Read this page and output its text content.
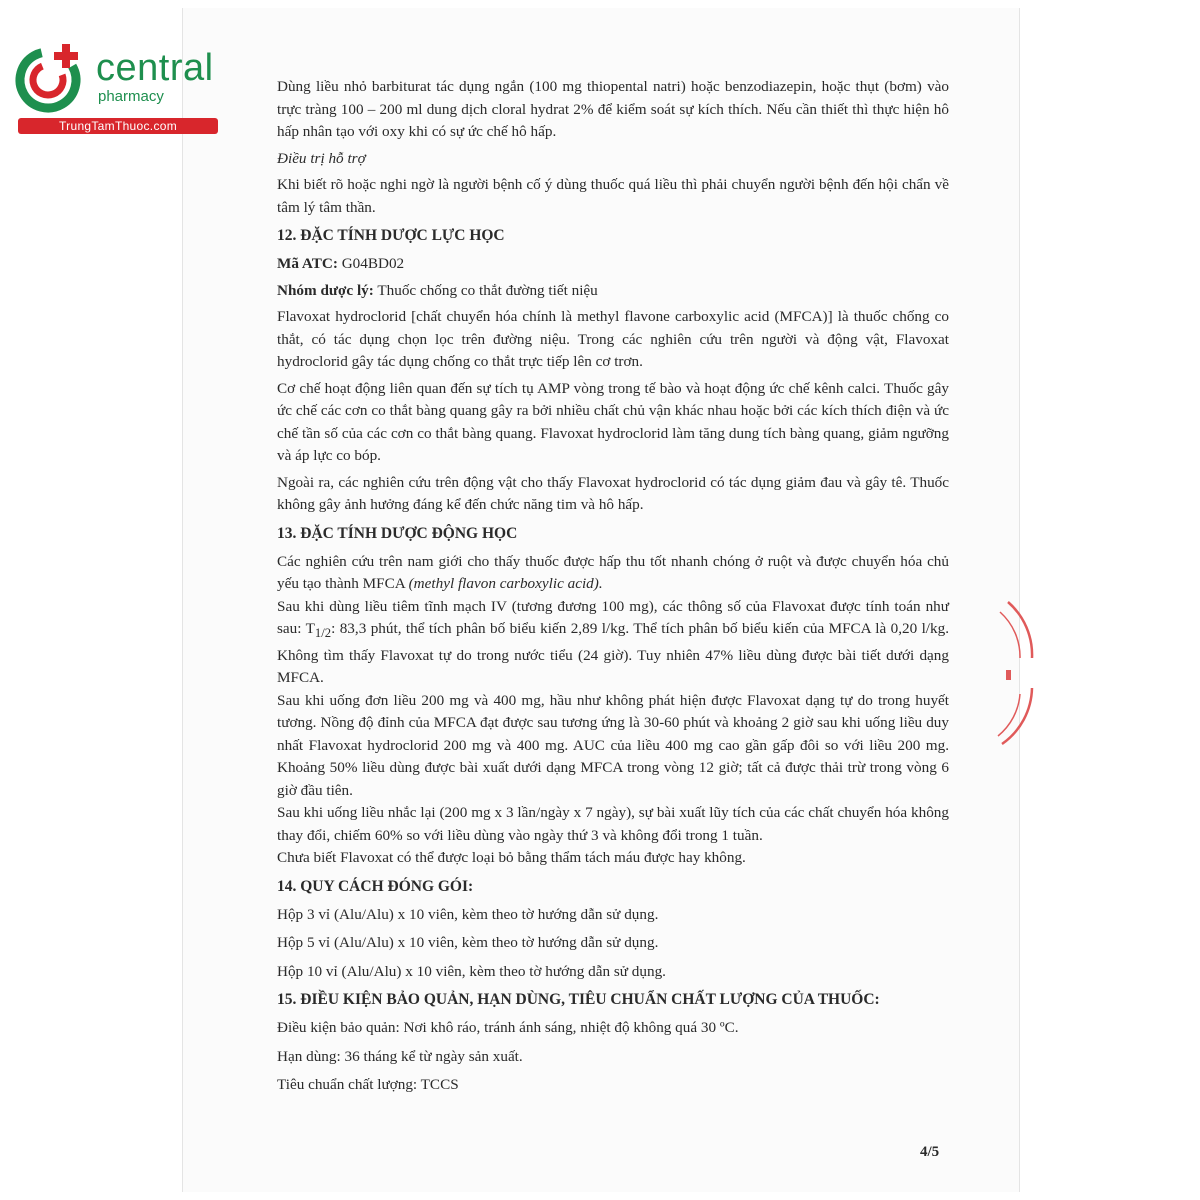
central
pharmacy
TrungTamThuoc.com

Dùng liều nhỏ barbiturat tác dụng ngắn (100 mg thiopental natri) hoặc benzodiazepin, hoặc thụt (bơm) vào trực tràng 100 – 200 ml dung dịch cloral hydrat 2% để kiểm soát sự kích thích. Nếu cần thiết thì thực hiện hô hấp nhân tạo với oxy khi có sự ức chế hô hấp.

Điều trị hỗ trợ

Khi biết rõ hoặc nghi ngờ là người bệnh cố ý dùng thuốc quá liều thì phải chuyển người bệnh đến hội chẩn về tâm lý tâm thần.

12. ĐẶC TÍNH DƯỢC LỰC HỌC

Mã ATC: G04BD02

Nhóm dược lý: Thuốc chống co thắt đường tiết niệu

Flavoxat hydroclorid [chất chuyển hóa chính là methyl flavone carboxylic acid (MFCA)] là thuốc chống co thắt, có tác dụng chọn lọc trên đường niệu. Trong các nghiên cứu trên người và động vật, Flavoxat hydroclorid gây tác dụng chống co thắt trực tiếp lên cơ trơn.

Cơ chế hoạt động liên quan đến sự tích tụ AMP vòng trong tế bào và hoạt động ức chế kênh calci. Thuốc gây ức chế các cơn co thắt bàng quang gây ra bởi nhiều chất chủ vận khác nhau hoặc bởi các kích thích điện và ức chế tần số của các cơn co thắt bàng quang. Flavoxat hydroclorid làm tăng dung tích bàng quang, giảm ngưỡng và áp lực co bóp.

Ngoài ra, các nghiên cứu trên động vật cho thấy Flavoxat hydroclorid có tác dụng giảm đau và gây tê. Thuốc không gây ảnh hưởng đáng kể đến chức năng tim và hô hấp.

13. ĐẶC TÍNH DƯỢC ĐỘNG HỌC

Các nghiên cứu trên nam giới cho thấy thuốc được hấp thu tốt nhanh chóng ở ruột và được chuyển hóa chủ yếu tạo thành MFCA (methyl flavon carboxylic acid).

Sau khi dùng liều tiêm tĩnh mạch IV (tương đương 100 mg), các thông số của Flavoxat được tính toán như sau: $T_{1/2}$: 83,3 phút, thể tích phân bố biểu kiến 2,89 l/kg. Thể tích phân bố biểu kiến của MFCA là 0,20 l/kg. Không tìm thấy Flavoxat tự do trong nước tiểu (24 giờ). Tuy nhiên 47% liều dùng được bài tiết dưới dạng MFCA.

Sau khi uống đơn liều 200 mg và 400 mg, hầu như không phát hiện được Flavoxat dạng tự do trong huyết tương. Nồng độ đỉnh của MFCA đạt được sau tương ứng là 30-60 phút và khoảng 2 giờ sau khi uống liều duy nhất Flavoxat hydroclorid 200 mg và 400 mg. AUC của liều 400 mg cao gần gấp đôi so với liều 200 mg. Khoảng 50% liều dùng được bài xuất dưới dạng MFCA trong vòng 12 giờ; tất cả được thải trừ trong vòng 6 giờ đầu tiên.

Sau khi uống liều nhắc lại (200 mg x 3 lần/ngày x 7 ngày), sự bài xuất lũy tích của các chất chuyển hóa không thay đổi, chiếm 60% so với liều dùng vào ngày thứ 3 và không đổi trong 1 tuần.

Chưa biết Flavoxat có thể được loại bỏ bằng thẩm tách máu được hay không.

14. QUY CÁCH ĐÓNG GÓI:

Hộp 3 vỉ (Alu/Alu) x 10 viên, kèm theo tờ hướng dẫn sử dụng.

Hộp 5 vỉ (Alu/Alu) x 10 viên, kèm theo tờ hướng dẫn sử dụng.

Hộp 10 vỉ (Alu/Alu) x 10 viên, kèm theo tờ hướng dẫn sử dụng.

15. ĐIỀU KIỆN BẢO QUẢN, HẠN DÙNG, TIÊU CHUẨN CHẤT LƯỢNG CỦA THUỐC:

Điều kiện bảo quản: Nơi khô ráo, tránh ánh sáng, nhiệt độ không quá 30 ºC.

Hạn dùng: 36 tháng kể từ ngày sản xuất.

Tiêu chuẩn chất lượng: TCCS

4/5
